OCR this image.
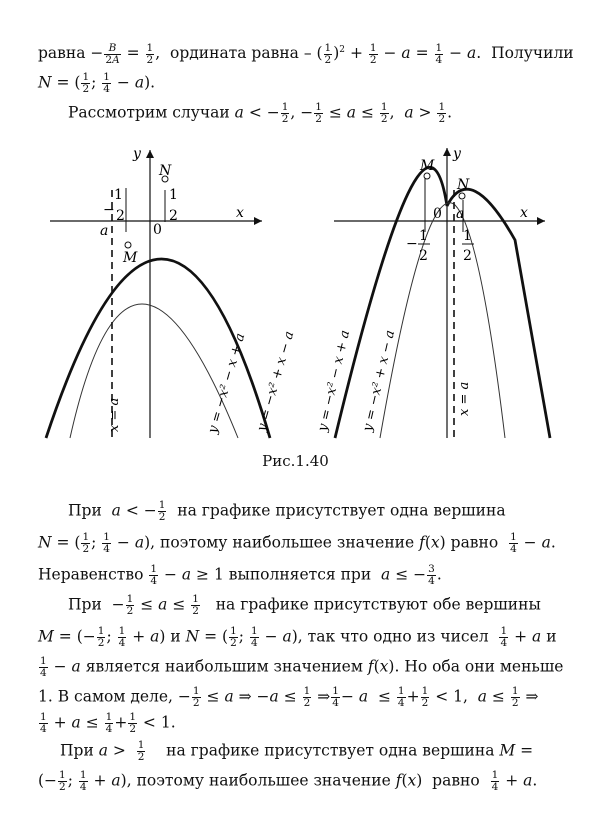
равна − $\frac{B}{2A} = \frac{1}{2}$ ,  ордината равна – ( $\frac{1}{2} )^2 + \frac{1}{2} - a = \frac{1}{4} - a$.  Получили
N = ( $\frac{1}{2}$ ; $\frac{1}{4} - a$).
Рассмотрим случаи a < − $\frac{1}{2}$ , − $\frac{1}{2} \le a \le \frac{1}{2}$ ,  $a > \frac{1}{2}$ .
y
x
N
M
a	0
1
2
−
1
2
x = a	y = −x² − x + a y = −x² + x − a
y
x
M
N
0 a
− 1
2
1
2
y = −x² − x + a y = −x² + x − a	x = a
Рис.1.40
При a < − $\frac{1}{2}$ на графике присутствует одна вершина
N = ( $\frac{1}{2}$ ; $\frac{1}{4} - a$), поэтому наибольшее значение f(x) равно $\frac{1}{4} - a$.
Неравенство $\frac{1}{4} - a \ge 1$ выполняется при a ≤ − $\frac{3}{4}$ .
При  − $\frac{1}{2} \le a \le \frac{1}{2}$ на графике присутствуют обе вершины
M = (− $\frac{1}{2}$ ; $\frac{1}{4} + a$) и N = ( $\frac{1}{2}$ ; $\frac{1}{4} - a$), так что одно из чисел $\frac{1}{4} + a$ и
$\frac{1}{4} - a$ является наибольшим значением f(x). Но оба они меньше
1. В самом деле, − $\frac{1}{2} \le a$ ⇒ $-a \le \frac{1}{2}$ ⇒ $\frac{1}{4} - a \le \frac{1}{4} + \frac{1}{2} < 1$,  $a \le \frac{1}{2}$ ⇒
$\frac{1}{4} + a \le \frac{1}{4} + \frac{1}{2} < 1$.
При $a > \frac{1}{2}$ на графике присутствует одна вершина M =
(− $\frac{1}{2}$ ; $\frac{1}{4} + a$), поэтому наибольшее значение f(x)  равно $\frac{1}{4} + a$.
